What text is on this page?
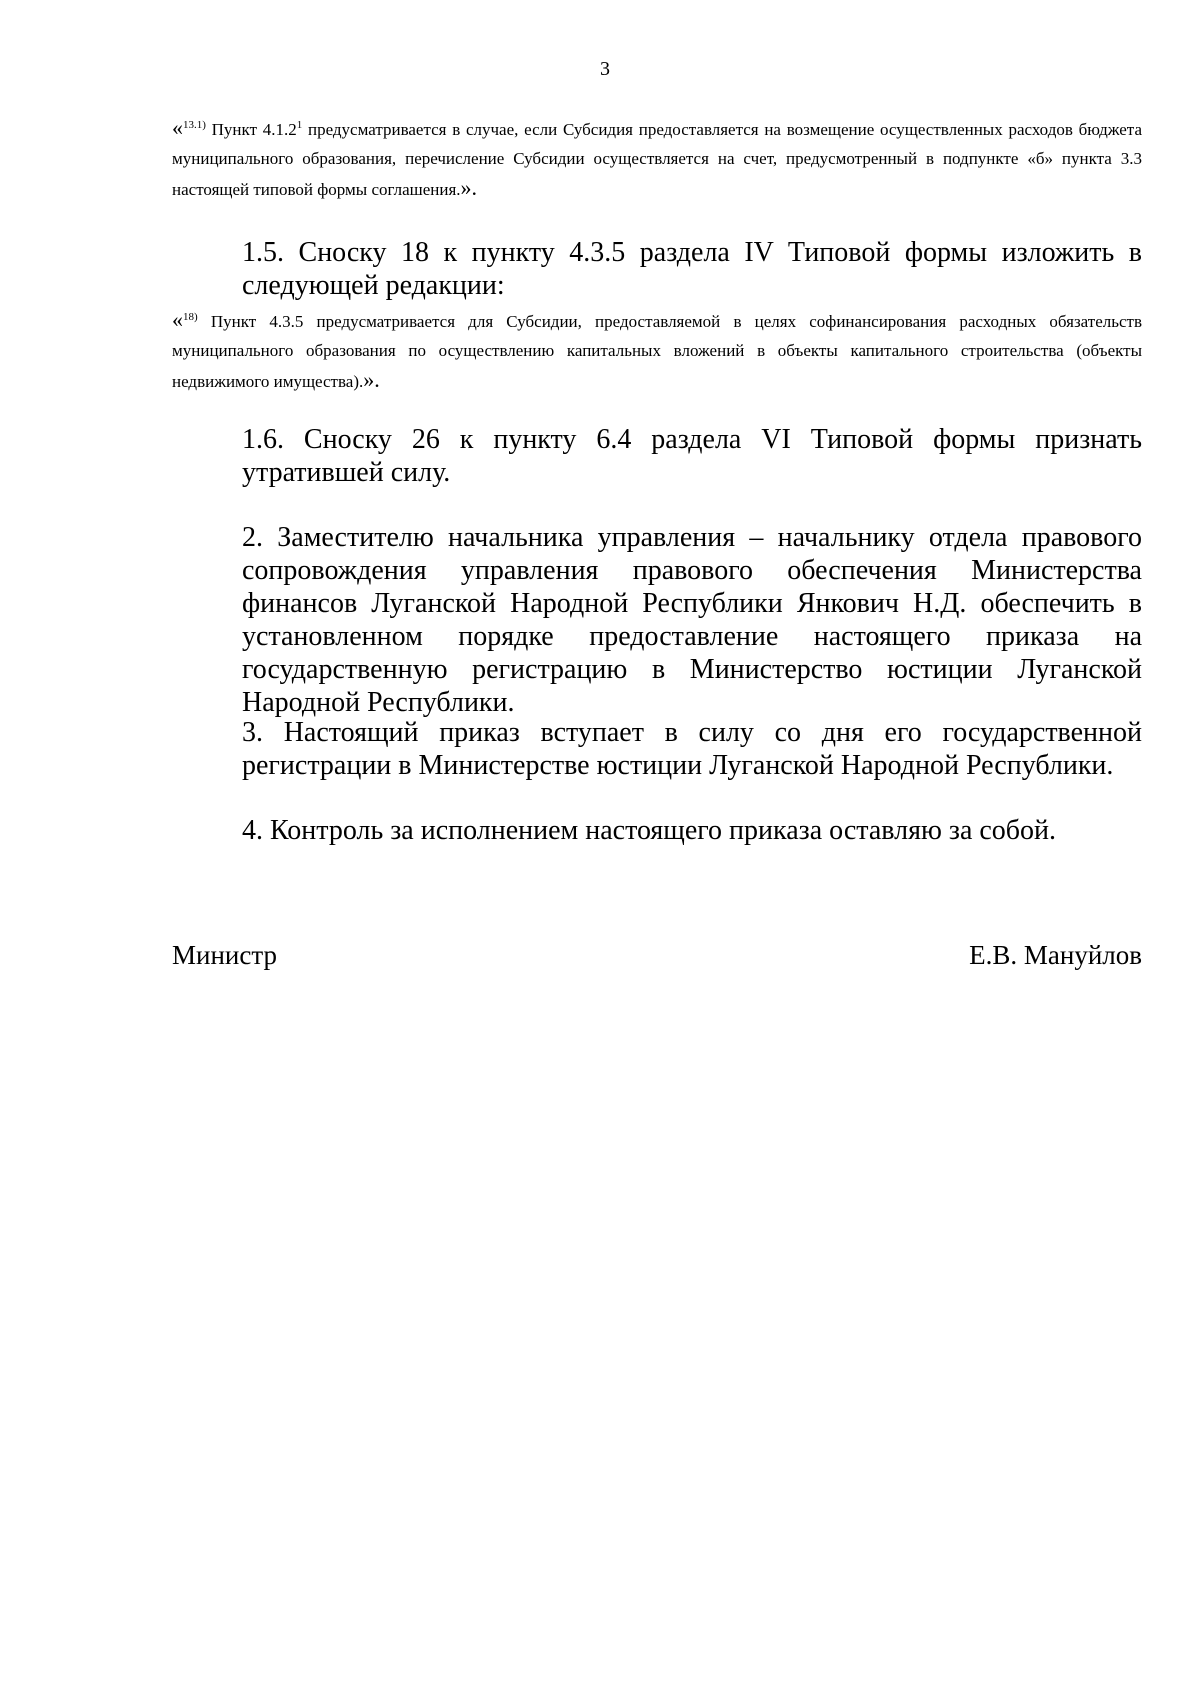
3
«$^{13.1)}$ Пункт 4.1.2$^1$ предусматривается в случае, если Субсидия предоставляется на возмещение осуществленных расходов бюджета муниципального образования, перечисление Субсидии осуществляется на счет, предусмотренный в подпункте «б» пункта 3.3 настоящей типовой формы соглашения.».
1.5. Сноску 18 к пункту 4.3.5 раздела IV Типовой формы изложить в следующей редакции:
«$^{18)}$ Пункт 4.3.5 предусматривается для Субсидии, предоставляемой в целях софинансирования расходных обязательств муниципального образования по осуществлению капитальных вложений в объекты капитального строительства (объекты недвижимого имущества).».
1.6. Сноску 26 к пункту 6.4 раздела VI Типовой формы признать утратившей силу.
2. Заместителю начальника управления – начальнику отдела правового сопровождения управления правового обеспечения Министерства финансов Луганской Народной Республики Янкович Н.Д. обеспечить в установленном порядке предоставление настоящего приказа на государственную регистрацию в Министерство юстиции Луганской Народной Республики.
3. Настоящий приказ вступает в силу со дня его государственной регистрации в Министерстве юстиции Луганской Народной Республики.
4. Контроль за исполнением настоящего приказа оставляю за собой.
Министр	Е.В. Мануйлов
